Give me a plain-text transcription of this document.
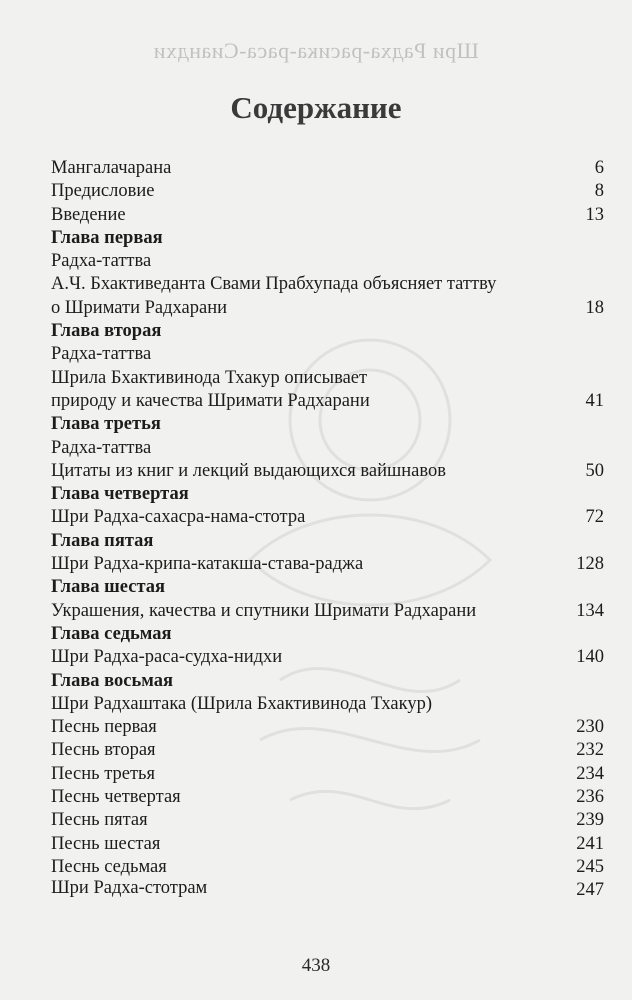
Шри Радха-расика-раса-Сиандхи
Содержание
Мангалачарана	6
Предисловие	8
Введение	13
Глава первая
Радха-таттва
А.Ч. Бхактиведанта Свами Прабхупада объясняет таттву
о Шримати Радхарани	18
Глава вторая
Радха-таттва
Шрила Бхактивинода Тхакур описывает
природу и качества Шримати Радхарани	41
Глава третья
Радха-таттва
Цитаты из книг и лекций выдающихся вайшнавов	50
Глава четвертая
Шри Радха-сахасра-нама-стотра	72
Глава пятая
Шри Радха-крипа-катакша-става-раджа	128
Глава шестая
Украшения, качества и спутники Шримати Радхарани	134
Глава седьмая
Шри Радха-раса-судха-нидхи	140
Глава восьмая
Шри Радхаштака (Шрила Бхактивинода Тхакур)
Песнь первая	230
Песнь вторая	232
Песнь третья	234
Песнь четвертая	236
Песнь пятая	239
Песнь шестая	241
Песнь седьмая	245
Шри Радха-стотрам	247
438
